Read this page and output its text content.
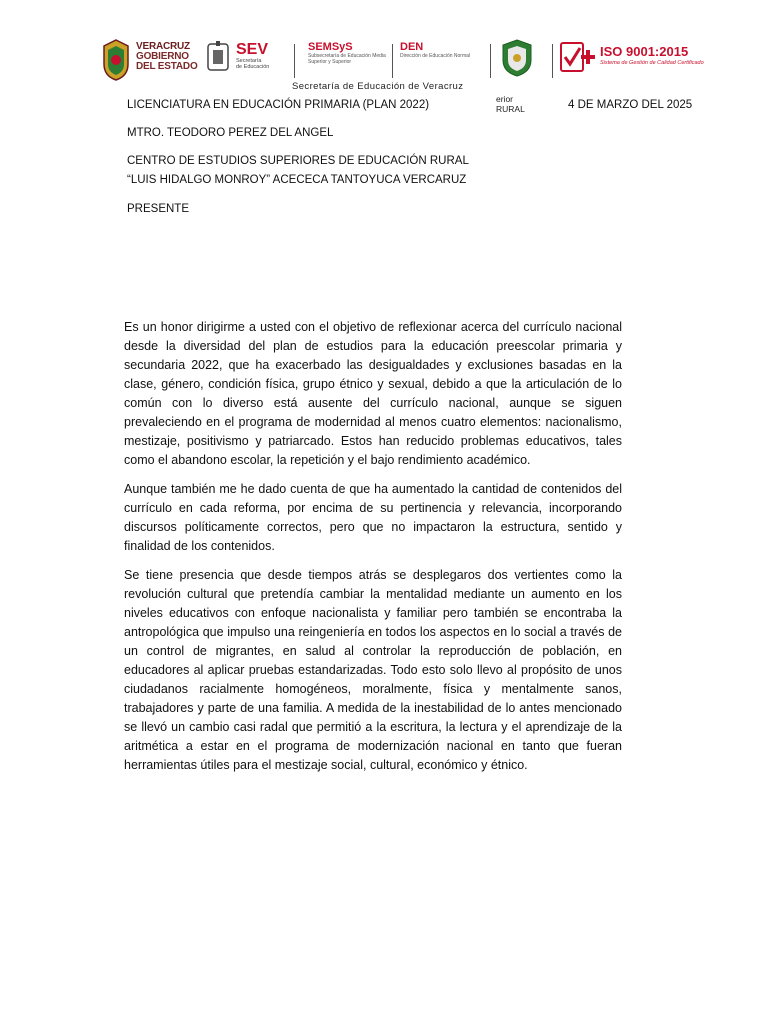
VERACRUZ
GOBIERNO
DEL ESTADO
SEV
Secretaría
de Educación
SEMSyS
Subsecretaría de Educación Media Superior y Superior
DEN
Dirección de Educación Normal	ISO 9001:2015
Sistema de Gestión de Calidad Certificado
Secretaría de Educación de Veracruz
erior
RURAL
LICENCIATURA EN EDUCACIÓN PRIMARIA (PLAN 2022)	4 DE MARZO DEL 2025
MTRO. TEODORO PEREZ DEL ANGEL
CENTRO DE ESTUDIOS SUPERIORES DE EDUCACIÓN RURAL
“LUIS HIDALGO MONROY” ACECECA TANTOYUCA VERCARUZ
PRESENTE

Es un honor dirigirme a usted con el objetivo de reflexionar acerca del currículo nacional desde la diversidad del plan de estudios para la educación preescolar primaria y secundaria 2022, que ha exacerbado las desigualdades y exclusiones basadas en la clase, género, condición física, grupo étnico y sexual, debido a que la articulación de lo común con lo diverso está ausente del currículo nacional, aunque se siguen prevaleciendo en el programa de modernidad al menos cuatro elementos: nacionalismo, mestizaje, positivismo y patriarcado. Estos han reducido problemas educativos, tales como el abandono escolar, la repetición y el bajo rendimiento académico.

Aunque también me he dado cuenta de que ha aumentado la cantidad de contenidos del currículo en cada reforma, por encima de su pertinencia y relevancia, incorporando discursos políticamente correctos, pero que no impactaron la estructura, sentido y finalidad de los contenidos.

Se tiene presencia que desde tiempos atrás se desplegaros dos vertientes como la revolución cultural que pretendía cambiar la mentalidad mediante un aumento en los niveles educativos con enfoque nacionalista y familiar pero también se encontraba la antropológica que impulso una reingeniería en todos los aspectos en lo social a través de un control de migrantes, en salud al controlar la reproducción de población, en educadores al aplicar pruebas estandarizadas. Todo esto solo llevo al propósito de unos ciudadanos racialmente homogéneos, moralmente, física y mentalmente sanos, trabajadores y parte de una familia. A medida de la inestabilidad de lo antes mencionado se llevó un cambio casi radal que permitió a la escritura, la lectura y el aprendizaje de la aritmética a estar en el programa de modernización nacional en tanto que fueran herramientas útiles para el mestizaje social, cultural, económico y étnico.
